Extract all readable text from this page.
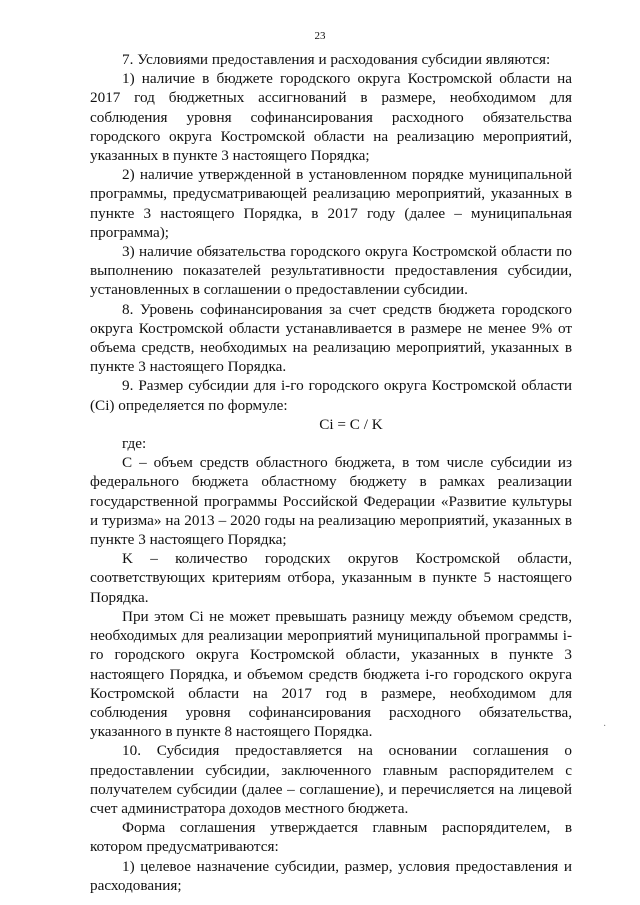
23

7. Условиями предоставления и расходования субсидии являются:

1) наличие в бюджете городского округа Костромской области на 2017 год бюджетных ассигнований в размере, необходимом для соблюдения уровня софинансирования расходного обязательства городского округа Костромской области на реализацию мероприятий, указанных в пункте 3 настоящего Порядка;

2) наличие утвержденной в установленном порядке муниципальной программы, предусматривающей реализацию мероприятий, указанных в пункте 3 настоящего Порядка, в 2017 году (далее – муниципальная программа);

3) наличие обязательства городского округа Костромской области по выполнению показателей результативности предоставления субсидии, установленных в соглашении о предоставлении субсидии.

8. Уровень софинансирования за счет средств бюджета городского округа Костромской области устанавливается в размере не менее 9% от объема средств, необходимых на реализацию мероприятий, указанных в пункте 3 настоящего Порядка.

9. Размер субсидии для i-го городского округа Костромской области (Ci) определяется по формуле:

Ci = C / K

где:

C – объем средств областного бюджета, в том числе субсидии из федерального бюджета областному бюджету в рамках реализации государственной программы Российской Федерации «Развитие культуры и туризма» на 2013 – 2020 годы на реализацию мероприятий, указанных в пункте 3 настоящего Порядка;

K – количество городских округов Костромской области, соответствующих критериям отбора, указанным в пункте 5 настоящего Порядка.

При этом Ci не может превышать разницу между объемом средств, необходимых для реализации мероприятий муниципальной программы i-го городского округа Костромской области, указанных в пункте 3 настоящего Порядка, и объемом средств бюджета i-го городского округа Костромской области на 2017 год в размере, необходимом для соблюдения уровня софинансирования расходного обязательства, указанного в пункте 8 настоящего Порядка.

10. Субсидия предоставляется на основании соглашения о предоставлении субсидии, заключенного главным распорядителем с получателем субсидии (далее – соглашение), и перечисляется на лицевой счет администратора доходов местного бюджета.

Форма соглашения утверждается главным распорядителем, в котором предусматриваются:

1) целевое назначение субсидии, размер, условия предоставления и расходования;

·
